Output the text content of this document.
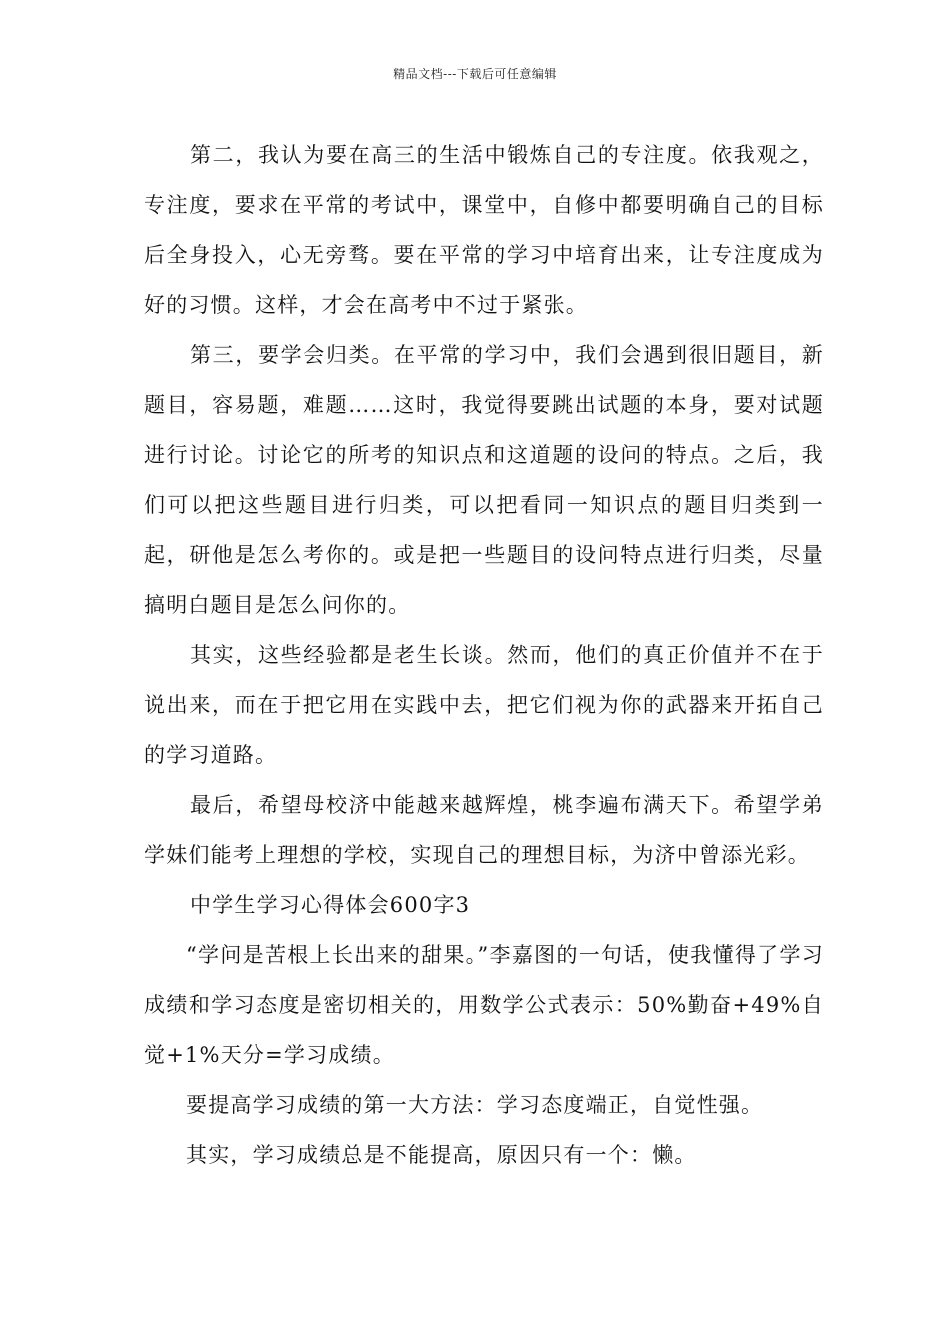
精品文档---下载后可任意编辑

第二，我认为要在高三的生活中锻炼自己的专注度。依我观之，专注度，要求在平常的考试中，课堂中，自修中都要明确自己的目标后全身投入，心无旁骛。要在平常的学习中培育出来，让专注度成为好的习惯。这样，才会在高考中不过于紧张。

第三，要学会归类。在平常的学习中，我们会遇到很旧题目，新题目，容易题，难题……这时，我觉得要跳出试题的本身，要对试题进行讨论。讨论它的所考的知识点和这道题的设问的特点。之后，我们可以把这些题目进行归类，可以把看同一知识点的题目归类到一起，研他是怎么考你的。或是把一些题目的设问特点进行归类，尽量搞明白题目是怎么问你的。

其实，这些经验都是老生长谈。然而，他们的真正价值并不在于说出来，而在于把它用在实践中去，把它们视为你的武器来开拓自己的学习道路。

最后，希望母校济中能越来越辉煌，桃李遍布满天下。希望学弟学妹们能考上理想的学校，实现自己的理想目标，为济中曾添光彩。

中学生学习心得体会600字3

“学问是苦根上长出来的甜果。”李嘉图的一句话，使我懂得了学习成绩和学习态度是密切相关的，用数学公式表示：50%勤奋+49%自觉+1%天分=学习成绩。

要提高学习成绩的第一大方法：学习态度端正，自觉性强。

其实，学习成绩总是不能提高，原因只有一个：懒。
